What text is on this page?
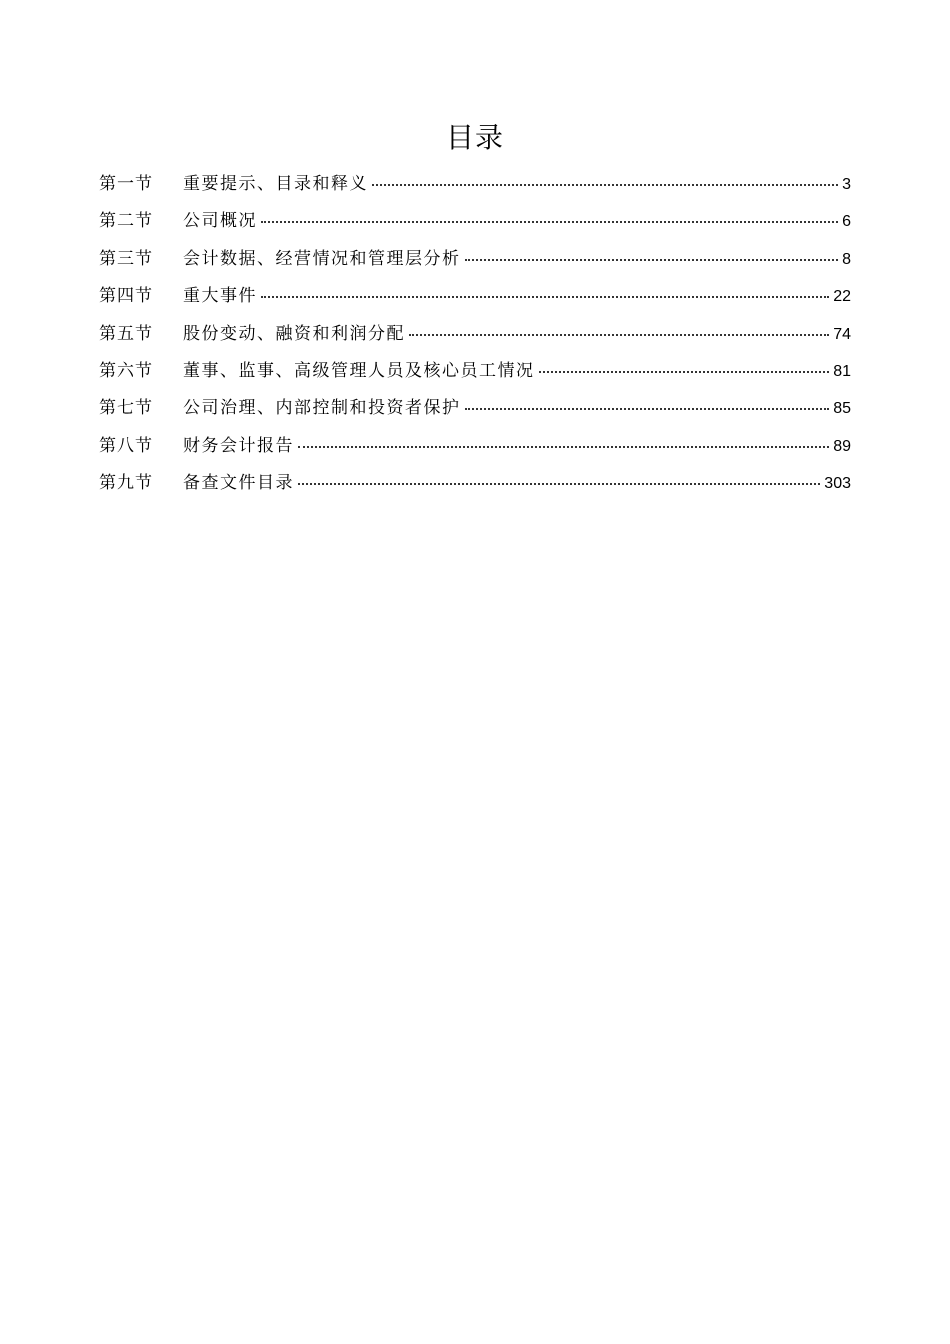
目录
第一节	重要提示、目录和释义	3
第二节	公司概况	6
第三节	会计数据、经营情况和管理层分析	8
第四节	重大事件	22
第五节	股份变动、融资和利润分配	74
第六节	董事、监事、高级管理人员及核心员工情况	81
第七节	公司治理、内部控制和投资者保护	85
第八节	财务会计报告	89
第九节	备查文件目录	303
